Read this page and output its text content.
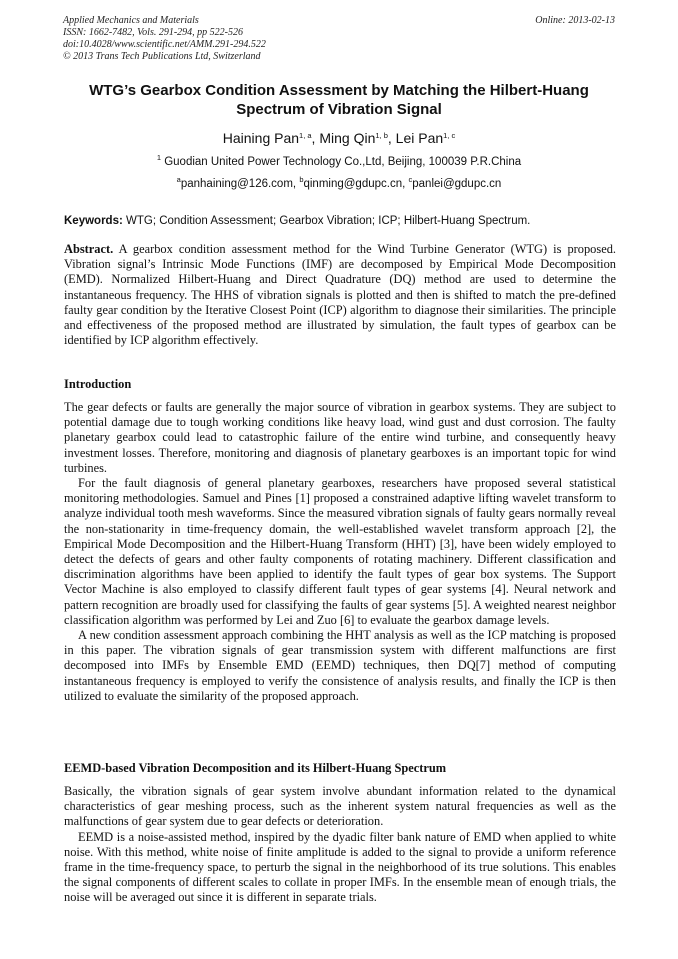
Applied Mechanics and Materials
ISSN: 1662-7482, Vols. 291-294, pp 522-526
doi:10.4028/www.scientific.net/AMM.291-294.522
© 2013 Trans Tech Publications Ltd, Switzerland
Online: 2013-02-13
WTG’s Gearbox Condition Assessment by Matching the Hilbert-Huang
Spectrum of Vibration Signal
Haining Pan$^{1, a}$, Ming Qin$^{1, b}$, Lei Pan$^{1, c}$
$^1$ Guodian United Power Technology Co.,Ltd, Beijing, 100039 P.R.China
$^a$panhaining@126.com, $^b$qinming@gdupc.cn, $^c$panlei@gdupc.cn
Keywords: WTG; Condition Assessment; Gearbox Vibration; ICP; Hilbert-Huang Spectrum.

Abstract. A gearbox condition assessment method for the Wind Turbine Generator (WTG) is proposed. Vibration signal’s Intrinsic Mode Functions (IMF) are decomposed by Empirical Mode Decomposition (EMD). Normalized Hilbert-Huang and Direct Quadrature (DQ) method are used to determine the instantaneous frequency. The HHS of vibration signals is plotted and then is shifted to match the pre-defined faulty gear condition by the Iterative Closest Point (ICP) algorithm to diagnose their similarities. The principle and effectiveness of the proposed method are illustrated by simulation, the fault types of gearbox can be identified by ICP algorithm effectively.

Introduction

The gear defects or faults are generally the major source of vibration in gearbox systems. They are subject to potential damage due to tough working conditions like heavy load, wind gust and dust corrosion. The faulty planetary gearbox could lead to catastrophic failure of the entire wind turbine, and consequently heavy investment losses. Therefore, monitoring and diagnosis of planetary gearboxes is an important topic for wind turbines.

For the fault diagnosis of general planetary gearboxes, researchers have proposed several statistical monitoring methodologies. Samuel and Pines [1] proposed a constrained adaptive lifting wavelet transform to analyze individual tooth mesh waveforms. Since the measured vibration signals of faulty gears normally reveal the non-stationarity in time-frequency domain, the well-established wavelet transform approach [2], the Empirical Mode Decomposition and the Hilbert-Huang Transform (HHT) [3], have been widely employed to detect the defects of gears and other faulty components of rotating machinery. Different classification and discrimination algorithms have been applied to identify the fault types of gear box systems. The Support Vector Machine is also employed to classify different fault types of gear systems [4]. Neural network and pattern recognition are broadly used for classifying the faults of gear systems [5]. A weighted nearest neighbor classification algorithm was performed by Lei and Zuo [6] to evaluate the gearbox damage levels.

A new condition assessment approach combining the HHT analysis as well as the ICP matching is proposed in this paper. The vibration signals of gear transmission system with different malfunctions are first decomposed into IMFs by Ensemble EMD (EEMD) techniques, then DQ[7] method of computing instantaneous frequency is employed to verify the consistence of analysis results, and finally the ICP is then utilized to evaluate the similarity of the proposed approach.

EEMD-based Vibration Decomposition and its Hilbert-Huang Spectrum

Basically, the vibration signals of gear system involve abundant information related to the dynamical characteristics of gear meshing process, such as the inherent system natural frequencies as well as the malfunctions of gear system due to gear defects or deterioration.

EEMD is a noise-assisted method, inspired by the dyadic filter bank nature of EMD when applied to white noise. With this method, white noise of finite amplitude is added to the signal to provide a uniform reference frame in the time-frequency space, to perturb the signal in the neighborhood of its true solutions. This enables the signal components of different scales to collate in proper IMFs. In the ensemble mean of enough trials, the noise will be averaged out since it is different in separate trials.
